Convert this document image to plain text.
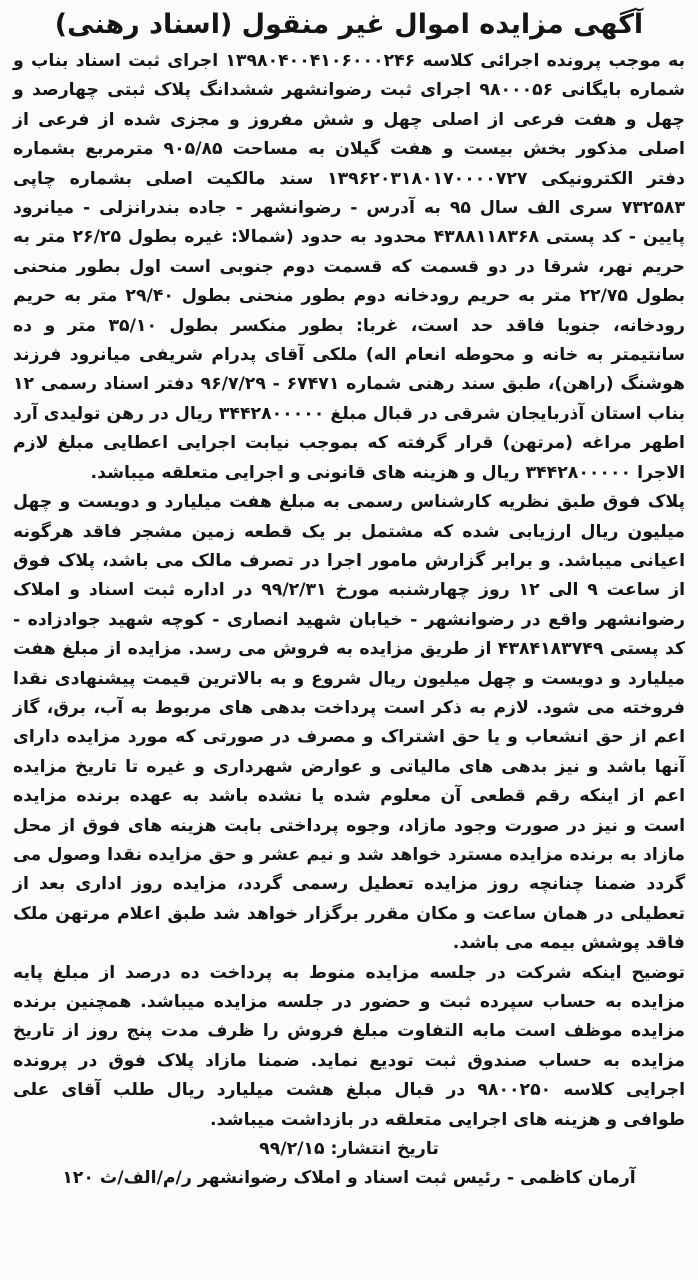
آگهی مزایده اموال غیر منقول (اسناد رهنی)

به موجب پرونده اجرائی کلاسه ۱۳۹۸۰۴۰۰۴۱۰۶۰۰۰۲۴۶ اجرای ثبت اسناد بناب و شماره بایگانی ۹۸۰۰۰۵۶ اجرای ثبت رضوانشهر ششدانگ پلاک ثبتی چهارصد و چهل و هفت فرعی از اصلی چهل و شش مفروز و مجزی شده از فرعی از اصلی مذکور بخش بیست و هفت گیلان به مساحت ۹۰۵/۸۵ مترمربع بشماره دفتر الکترونیکی ۱۳۹۶۲۰۳۱۸۰۱۷۰۰۰۰۷۲۷ سند مالکیت اصلی بشماره چاپی ۷۳۲۵۸۳ سری الف سال ۹۵ به آدرس - رضوانشهر - جاده بندرانزلی - میانرود پایین - کد پستی ۴۳۸۸۱۱۸۳۶۸ محدود به حدود (شمالا: غیره بطول ۲۶/۲۵ متر به حریم نهر، شرقا در دو قسمت که قسمت دوم جنوبی است اول بطور منحنی بطول ۲۲/۷۵ متر به حریم رودخانه دوم بطور منحنی بطول ۲۹/۴۰ متر به حریم رودخانه، جنوبا فاقد حد است، غربا: بطور منکسر بطول ۳۵/۱۰ متر و ده سانتیمتر به خانه و محوطه انعام اله) ملکی آقای پدرام شریفی میانرود فرزند هوشنگ (راهن)، طبق سند رهنی شماره ۶۷۴۷۱ - ۹۶/۷/۲۹ دفتر اسناد رسمی ۱۲ بناب استان آذربایجان شرقی در قبال مبلغ ۳۴۴۲۸۰۰۰۰۰ ریال در رهن تولیدی آرد اطهر مراغه (مرتهن) قرار گرفته که بموجب نیابت اجرایی اعطایی مبلغ لازم الاجرا ۳۴۴۲۸۰۰۰۰۰ ریال و هزینه های قانونی و اجرایی متعلقه میباشد.

پلاک فوق طبق نظریه کارشناس رسمی به مبلغ هفت میلیارد و دویست و چهل میلیون ریال ارزیابی شده که مشتمل بر یک قطعه زمین مشجر فاقد هرگونه اعیانی میباشد. و برابر گزارش مامور اجرا در تصرف مالک می باشد، پلاک فوق از ساعت ۹ الی ۱۲ روز چهارشنبه مورخ ۹۹/۲/۳۱ در اداره ثبت اسناد و املاک رضوانشهر واقع در رضوانشهر - خیابان شهید انصاری - کوچه شهید جوادزاده - کد پستی ۴۳۸۴۱۸۳۷۴۹ از طریق مزایده به فروش می رسد. مزایده از مبلغ هفت میلیارد و دویست و چهل میلیون ریال شروع و به بالاترین قیمت پیشنهادی نقدا فروخته می شود. لازم به ذکر است پرداخت بدهی های مربوط به آب، برق، گاز اعم از حق انشعاب و یا حق اشتراک و مصرف در صورتی که مورد مزایده دارای آنها باشد و نیز بدهی های مالیاتی و عوارض شهرداری و غیره تا تاریخ مزایده اعم از اینکه رقم قطعی آن معلوم شده یا نشده باشد به عهده برنده مزایده است و نیز در صورت وجود مازاد، وجوه پرداختی بابت هزینه های فوق از محل مازاد به برنده مزایده مسترد خواهد شد و نیم عشر و حق مزایده نقدا وصول می گردد ضمنا چنانچه روز مزایده تعطیل رسمی گردد، مزایده روز اداری بعد از تعطیلی در همان ساعت و مکان مقرر برگزار خواهد شد طبق اعلام مرتهن ملک فاقد پوشش بیمه می باشد.

توضیح اینکه شرکت در جلسه مزایده منوط به پرداخت ده درصد از مبلغ پایه مزایده به حساب سپرده ثبت و حضور در جلسه مزایده میباشد. همچنین برنده مزایده موظف است مابه التفاوت مبلغ فروش را ظرف مدت پنج روز از تاریخ مزایده به حساب صندوق ثبت تودیع نماید. ضمنا مازاد پلاک فوق در پرونده اجرایی کلاسه ۹۸۰۰۲۵۰ در قبال مبلغ هشت میلیارد ریال طلب آقای علی طوافی و هزینه های اجرایی متعلقه در بازداشت میباشد.

تاریخ انتشار: ۹۹/۲/۱۵

آرمان کاظمی - رئیس ثبت اسناد و املاک رضوانشهر ر/م/الف/ث ۱۲۰
